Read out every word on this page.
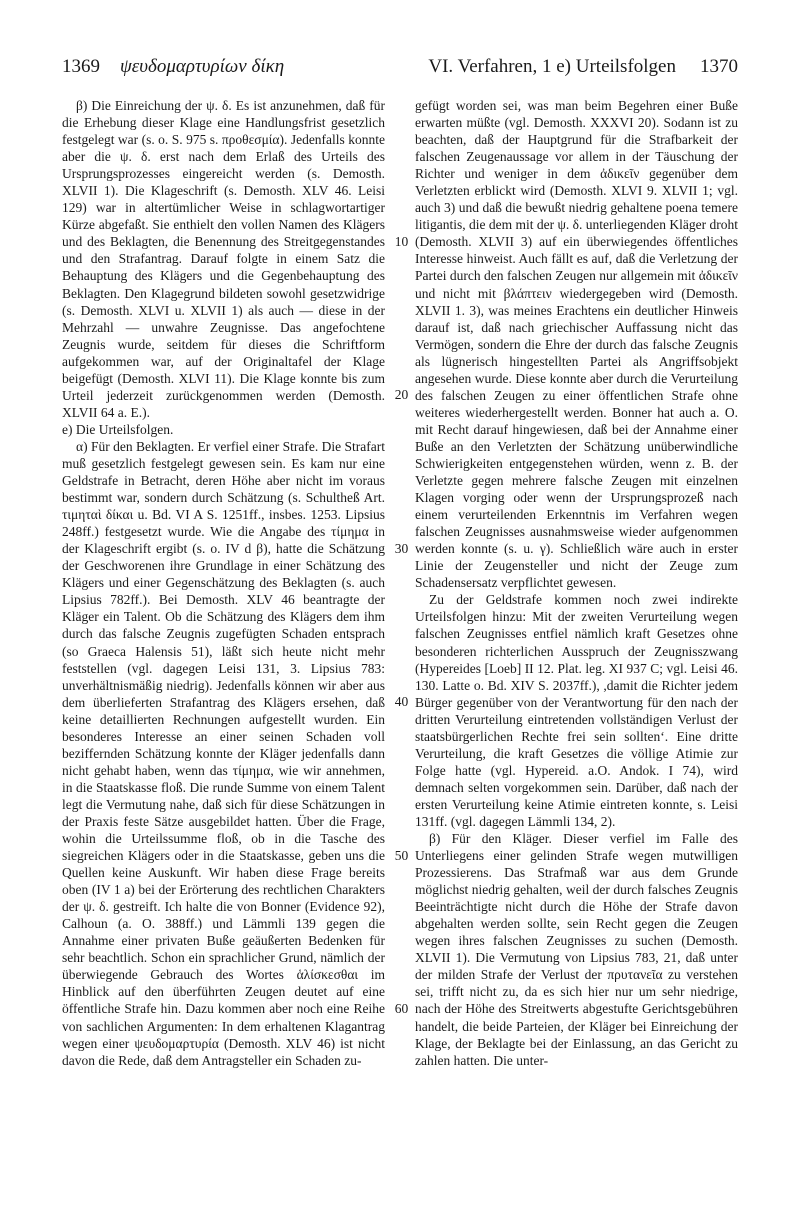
1369 ψευδομαρτυρίων δίκη	VI. Verfahren, 1 e) Urteilsfolgen 1370

β) Die Einreichung der ψ. δ. Es ist anzunehmen, daß für die Erhebung dieser Klage eine Handlungsfrist gesetzlich festgelegt war (s. o. S. 975 s. προθεσμία). Jedenfalls konnte aber die ψ. δ. erst nach dem Erlaß des Urteils des Ursprungsprozesses eingereicht werden (s. Demosth. XLVII 1). Die Klageschrift (s. Demosth. XLV 46. Leisi 129) war in altertümlicher Weise in schlagwortartiger Kürze abgefaßt. Sie enthielt den vollen Namen des Klägers und des Beklagten, die Benennung des Streitgegenstandes und den Strafantrag. Darauf folgte in einem Satz die Behauptung des Klägers und die Gegenbehauptung des Beklagten. Den Klagegrund bildeten sowohl gesetzwidrige (s. Demosth. XLVI u. XLVII 1) als auch — diese in der Mehrzahl — unwahre Zeugnisse. Das angefochtene Zeugnis wurde, seitdem für dieses die Schriftform aufgekommen war, auf der Originaltafel der Klage beigefügt (Demosth. XLVI 11). Die Klage konnte bis zum Urteil jederzeit zurückgenommen werden (Demosth. XLVII 64 a. E.).

e) Die Urteilsfolgen.

α) Für den Beklagten. Er verfiel einer Strafe. Die Strafart muß gesetzlich festgelegt gewesen sein. Es kam nur eine Geldstrafe in Betracht, deren Höhe aber nicht im voraus bestimmt war, sondern durch Schätzung (s. Schultheß Art. τιμηταὶ δίκαι u. Bd. VI A S. 1251ff., insbes. 1253. Lipsius 248ff.) festgesetzt wurde. Wie die Angabe des τίμημα in der Klageschrift ergibt (s. o. IV d β), hatte die Schätzung der Geschworenen ihre Grundlage in einer Schätzung des Klägers und einer Gegenschätzung des Beklagten (s. auch Lipsius 782ff.). Bei Demosth. XLV 46 beantragte der Kläger ein Talent. Ob die Schätzung des Klägers dem ihm durch das falsche Zeugnis zugefügten Schaden entsprach (so Graeca Halensis 51), läßt sich heute nicht mehr feststellen (vgl. dagegen Leisi 131, 3. Lipsius 783: unverhältnismäßig niedrig). Jedenfalls können wir aber aus dem überlieferten Strafantrag des Klägers ersehen, daß keine detaillierten Rechnungen aufgestellt wurden. Ein besonderes Interesse an einer seinen Schaden voll beziffernden Schätzung konnte der Kläger jedenfalls dann nicht gehabt haben, wenn das τίμημα, wie wir annehmen, in die Staatskasse floß. Die runde Summe von einem Talent legt die Vermutung nahe, daß sich für diese Schätzungen in der Praxis feste Sätze ausgebildet hatten. Über die Frage, wohin die Urteilssumme floß, ob in die Tasche des siegreichen Klägers oder in die Staatskasse, geben uns die Quellen keine Auskunft. Wir haben diese Frage bereits oben (IV 1 a) bei der Erörterung des rechtlichen Charakters der ψ. δ. gestreift. Ich halte die von Bonner (Evidence 92), Calhoun (a. O. 388ff.) und Lämmli 139 gegen die Annahme einer privaten Buße geäußerten Bedenken für sehr beachtlich. Schon ein sprachlicher Grund, nämlich der überwiegende Gebrauch des Wortes ἁλίσκεσθαι im Hinblick auf den überführten Zeugen deutet auf eine öffentliche Strafe hin. Dazu kommen aber noch eine Reihe von sachlichen Argumenten: In dem erhaltenen Klagantrag wegen einer ψευδομαρτυρία (Demosth. XLV 46) ist nicht davon die Rede, daß dem Antragsteller ein Schaden zu-

10
20
30
40
50
60

gefügt worden sei, was man beim Begehren einer Buße erwarten müßte (vgl. Demosth. XXXVI 20). Sodann ist zu beachten, daß der Hauptgrund für die Strafbarkeit der falschen Zeugenaussage vor allem in der Täuschung der Richter und weniger in dem ἀδικεῖν gegenüber dem Verletzten erblickt wird (Demosth. XLVI 9. XLVII 1; vgl. auch 3) und daß die bewußt niedrig gehaltene poena temere litigantis, die dem mit der ψ. δ. unterliegenden Kläger droht (Demosth. XLVII 3) auf ein überwiegendes öffentliches Interesse hinweist. Auch fällt es auf, daß die Verletzung der Partei durch den falschen Zeugen nur allgemein mit ἀδικεῖν und nicht mit βλάπτειν wiedergegeben wird (Demosth. XLVII 1. 3), was meines Erachtens ein deutlicher Hinweis darauf ist, daß nach griechischer Auffassung nicht das Vermögen, sondern die Ehre der durch das falsche Zeugnis als lügnerisch hingestellten Partei als Angriffsobjekt angesehen wurde. Diese konnte aber durch die Verurteilung des falschen Zeugen zu einer öffentlichen Strafe ohne weiteres wiederhergestellt werden. Bonner hat auch a. O. mit Recht darauf hingewiesen, daß bei der Annahme einer Buße an den Verletzten der Schätzung unüberwindliche Schwierigkeiten entgegenstehen würden, wenn z. B. der Verletzte gegen mehrere falsche Zeugen mit einzelnen Klagen vorging oder wenn der Ursprungsprozeß nach einem verurteilenden Erkenntnis im Verfahren wegen falschen Zeugnisses ausnahmsweise wieder aufgenommen werden konnte (s. u. γ). Schließlich wäre auch in erster Linie der Zeugensteller und nicht der Zeuge zum Schadensersatz verpflichtet gewesen.

Zu der Geldstrafe kommen noch zwei indirekte Urteilsfolgen hinzu: Mit der zweiten Verurteilung wegen falschen Zeugnisses entfiel nämlich kraft Gesetzes ohne besonderen richterlichen Ausspruch der Zeugnisszwang (Hypereides [Loeb] II 12. Plat. leg. XI 937 C; vgl. Leisi 46. 130. Latte o. Bd. XIV S. 2037ff.), ,damit die Richter jedem Bürger gegenüber von der Verantwortung für den nach der dritten Verurteilung eintretenden vollständigen Verlust der staatsbürgerlichen Rechte frei sein sollten‘. Eine dritte Verurteilung, die kraft Gesetzes die völlige Atimie zur Folge hatte (vgl. Hypereid. a.O. Andok. I 74), wird demnach selten vorgekommen sein. Darüber, daß nach der ersten Verurteilung keine Atimie eintreten konnte, s. Leisi 131ff. (vgl. dagegen Lämmli 134, 2).

β) Für den Kläger. Dieser verfiel im Falle des Unterliegens einer gelinden Strafe wegen mutwilligen Prozessierens. Das Strafmaß war aus dem Grunde möglichst niedrig gehalten, weil der durch falsches Zeugnis Beeinträchtigte nicht durch die Höhe der Strafe davon abgehalten werden sollte, sein Recht gegen die Zeugen wegen ihres falschen Zeugnisses zu suchen (Demosth. XLVII 1). Die Vermutung von Lipsius 783, 21, daß unter der milden Strafe der Verlust der πρυτανεῖα zu verstehen sei, trifft nicht zu, da es sich hier nur um sehr niedrige, nach der Höhe des Streitwerts abgestufte Gerichtsgebühren handelt, die beide Parteien, der Kläger bei Einreichung der Klage, der Beklagte bei der Einlassung, an das Gericht zu zahlen hatten. Die unter-
